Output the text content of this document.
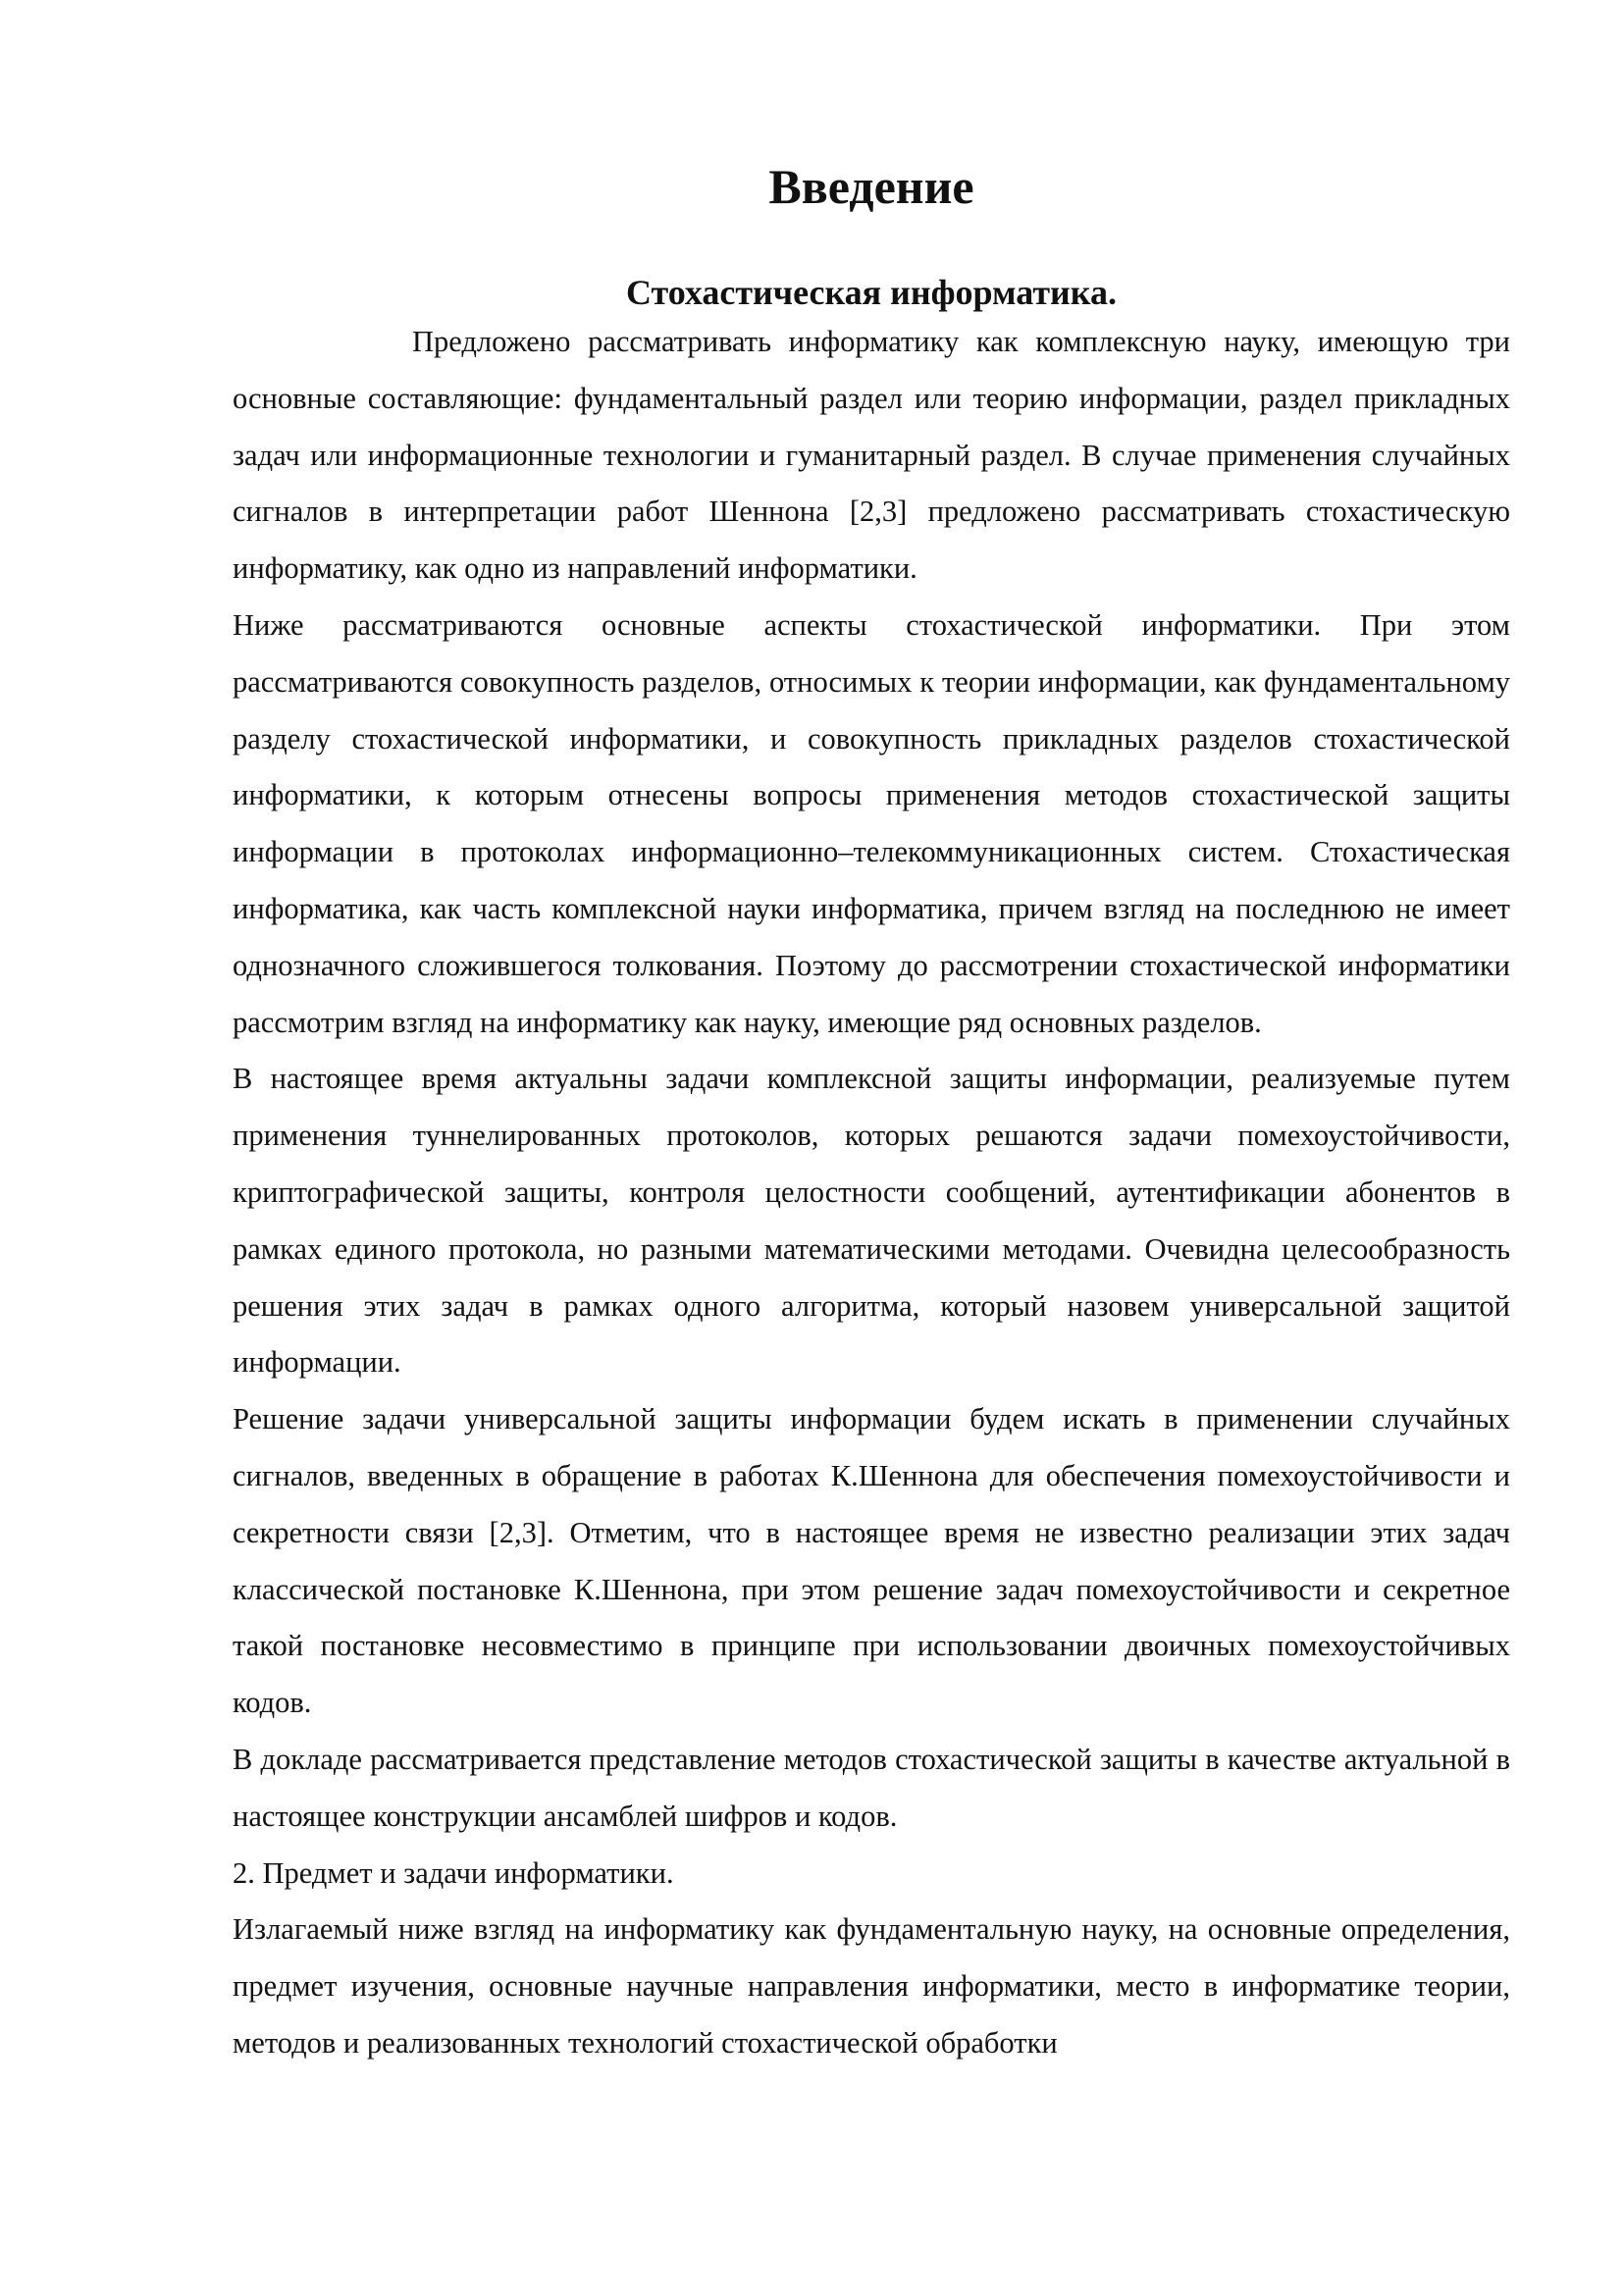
Введение
Стохастическая информатика.

Предложено рассматривать информатику как комплексную науку, имеющую три основные составляющие: фундаментальный раздел или теорию информации, раздел прикладных задач или информационные технологии и гуманитарный раздел. В случае применения случайных сигналов в интерпретации работ Шеннона [2,3] предложено рассматривать стохастическую информатику, как одно из направлений информатики.

Ниже рассматриваются основные аспекты стохастической информатики. При этом рассматриваются совокупность разделов, относимых к теории информации, как фундаментальному разделу стохастической информатики, и совокупность прикладных разделов стохастической информатики, к которым отнесены вопросы применения методов стохастической защиты информации в протоколах информационно–телекоммуникационных систем. Стохастическая информатика, как часть комплексной науки информатика, причем взгляд на последнюю не имеет однозначного сложившегося толкования. Поэтому до рассмотрении стохастической информатики рассмотрим взгляд на информатику как науку, имеющие ряд основных разделов.

В настоящее время актуальны задачи комплексной защиты информации, реализуемые путем применения туннелированных протоколов, которых решаются задачи помехоустойчивости, криптографической защиты, контроля целостности сообщений, аутентификации абонентов в рамках единого протокола, но разными математическими методами. Очевидна целесообразность решения этих задач в рамках одного алгоритма, который назовем универсальной защитой информации.

Решение задачи универсальной защиты информации будем искать в применении случайных сигналов, введенных в обращение в работах К.Шеннона для обеспечения помехоустойчивости и секретности связи [2,3]. Отметим, что в настоящее время не известно реализации этих задач классической постановке К.Шеннона, при этом решение задач помехоустойчивости и секретное такой постановке несовместимо в принципе при использовании двоичных помехоустойчивых кодов.

В докладе рассматривается представление методов стохастической защиты в качестве актуальной в настоящее конструкции ансамблей шифров и кодов.

2. Предмет и задачи информатики.

Излагаемый ниже взгляд на информатику как фундаментальную науку, на основные определения, предмет изучения, основные научные направления информатики, место в информатике теории, методов и реализованных технологий стохастической обработки
